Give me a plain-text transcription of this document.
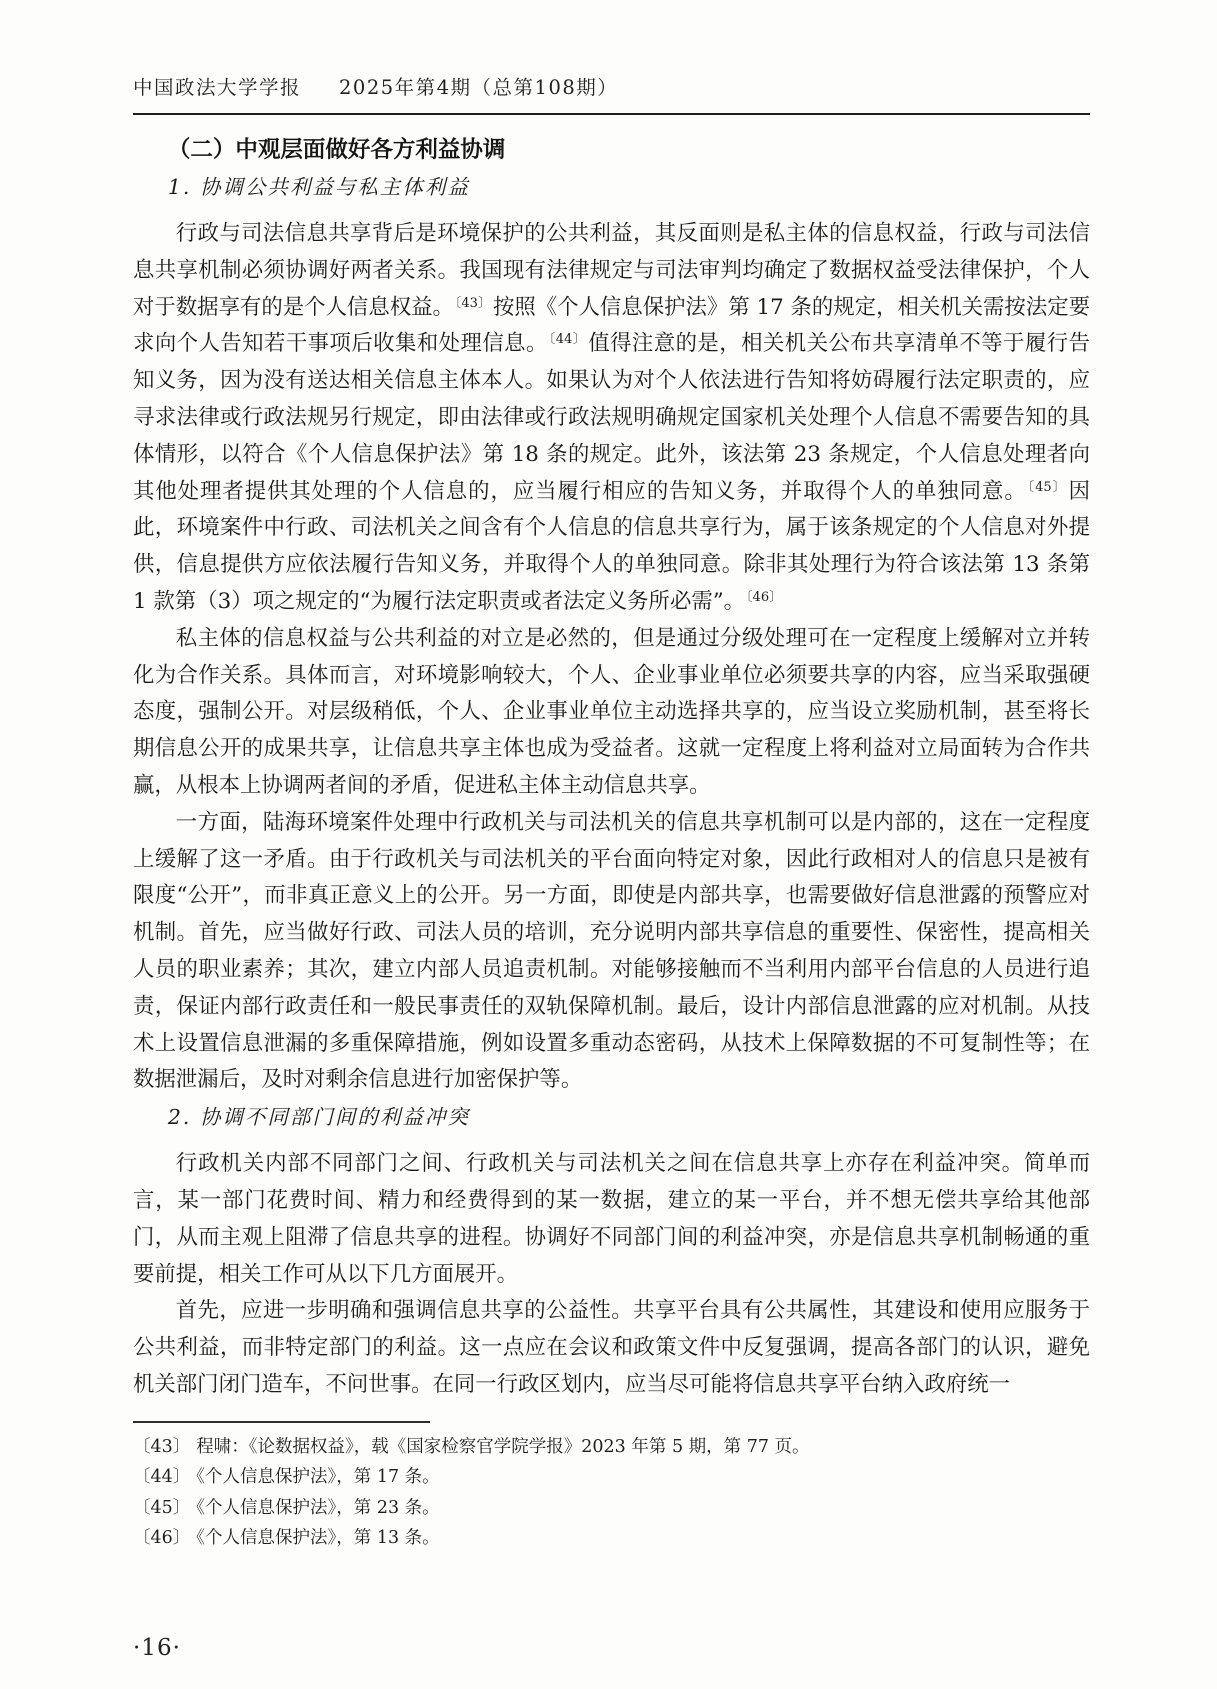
中国政法大学学报 2025年第4期（总第108期）
（二）中观层面做好各方利益协调
1. 协调公共利益与私主体利益

行政与司法信息共享背后是环境保护的公共利益，其反面则是私主体的信息权益，行政与司法信息共享机制必须协调好两者关系。我国现有法律规定与司法审判均确定了数据权益受法律保护，个人对于数据享有的是个人信息权益。$^{〔43〕}$按照《个人信息保护法》第 17 条的规定，相关机关需按法定要求向个人告知若干事项后收集和处理信息。$^{〔44〕}$值得注意的是，相关机关公布共享清单不等于履行告知义务，因为没有送达相关信息主体本人。如果认为对个人依法进行告知将妨碍履行法定职责的，应寻求法律或行政法规另行规定，即由法律或行政法规明确规定国家机关处理个人信息不需要告知的具体情形，以符合《个人信息保护法》第 18 条的规定。此外，该法第 23 条规定，个人信息处理者向其他处理者提供其处理的个人信息的，应当履行相应的告知义务，并取得个人的单独同意。$^{〔45〕}$因此，环境案件中行政、司法机关之间含有个人信息的信息共享行为，属于该条规定的个人信息对外提供，信息提供方应依法履行告知义务，并取得个人的单独同意。除非其处理行为符合该法第 13 条第 1 款第（3）项之规定的“为履行法定职责或者法定义务所必需”。$^{〔46〕}$

私主体的信息权益与公共利益的对立是必然的，但是通过分级处理可在一定程度上缓解对立并转化为合作关系。具体而言，对环境影响较大，个人、企业事业单位必须要共享的内容，应当采取强硬态度，强制公开。对层级稍低，个人、企业事业单位主动选择共享的，应当设立奖励机制，甚至将长期信息公开的成果共享，让信息共享主体也成为受益者。这就一定程度上将利益对立局面转为合作共赢，从根本上协调两者间的矛盾，促进私主体主动信息共享。

一方面，陆海环境案件处理中行政机关与司法机关的信息共享机制可以是内部的，这在一定程度上缓解了这一矛盾。由于行政机关与司法机关的平台面向特定对象，因此行政相对人的信息只是被有限度“公开”，而非真正意义上的公开。另一方面，即使是内部共享，也需要做好信息泄露的预警应对机制。首先，应当做好行政、司法人员的培训，充分说明内部共享信息的重要性、保密性，提高相关人员的职业素养；其次，建立内部人员追责机制。对能够接触而不当利用内部平台信息的人员进行追责，保证内部行政责任和一般民事责任的双轨保障机制。最后，设计内部信息泄露的应对机制。从技术上设置信息泄漏的多重保障措施，例如设置多重动态密码，从技术上保障数据的不可复制性等；在数据泄漏后，及时对剩余信息进行加密保护等。

2. 协调不同部门间的利益冲突

行政机关内部不同部门之间、行政机关与司法机关之间在信息共享上亦存在利益冲突。简单而言，某一部门花费时间、精力和经费得到的某一数据，建立的某一平台，并不想无偿共享给其他部门，从而主观上阻滞了信息共享的进程。协调好不同部门间的利益冲突，亦是信息共享机制畅通的重要前提，相关工作可从以下几方面展开。

首先，应进一步明确和强调信息共享的公益性。共享平台具有公共属性，其建设和使用应服务于公共利益，而非特定部门的利益。这一点应在会议和政策文件中反复强调，提高各部门的认识，避免机关部门闭门造车，不问世事。在同一行政区划内，应当尽可能将信息共享平台纳入政府统一

〔43〕 程啸：《论数据权益》，载《国家检察官学院学报》2023 年第 5 期，第 77 页。
〔44〕 《个人信息保护法》，第 17 条。
〔45〕 《个人信息保护法》，第 23 条。
〔46〕 《个人信息保护法》，第 13 条。
·16·
